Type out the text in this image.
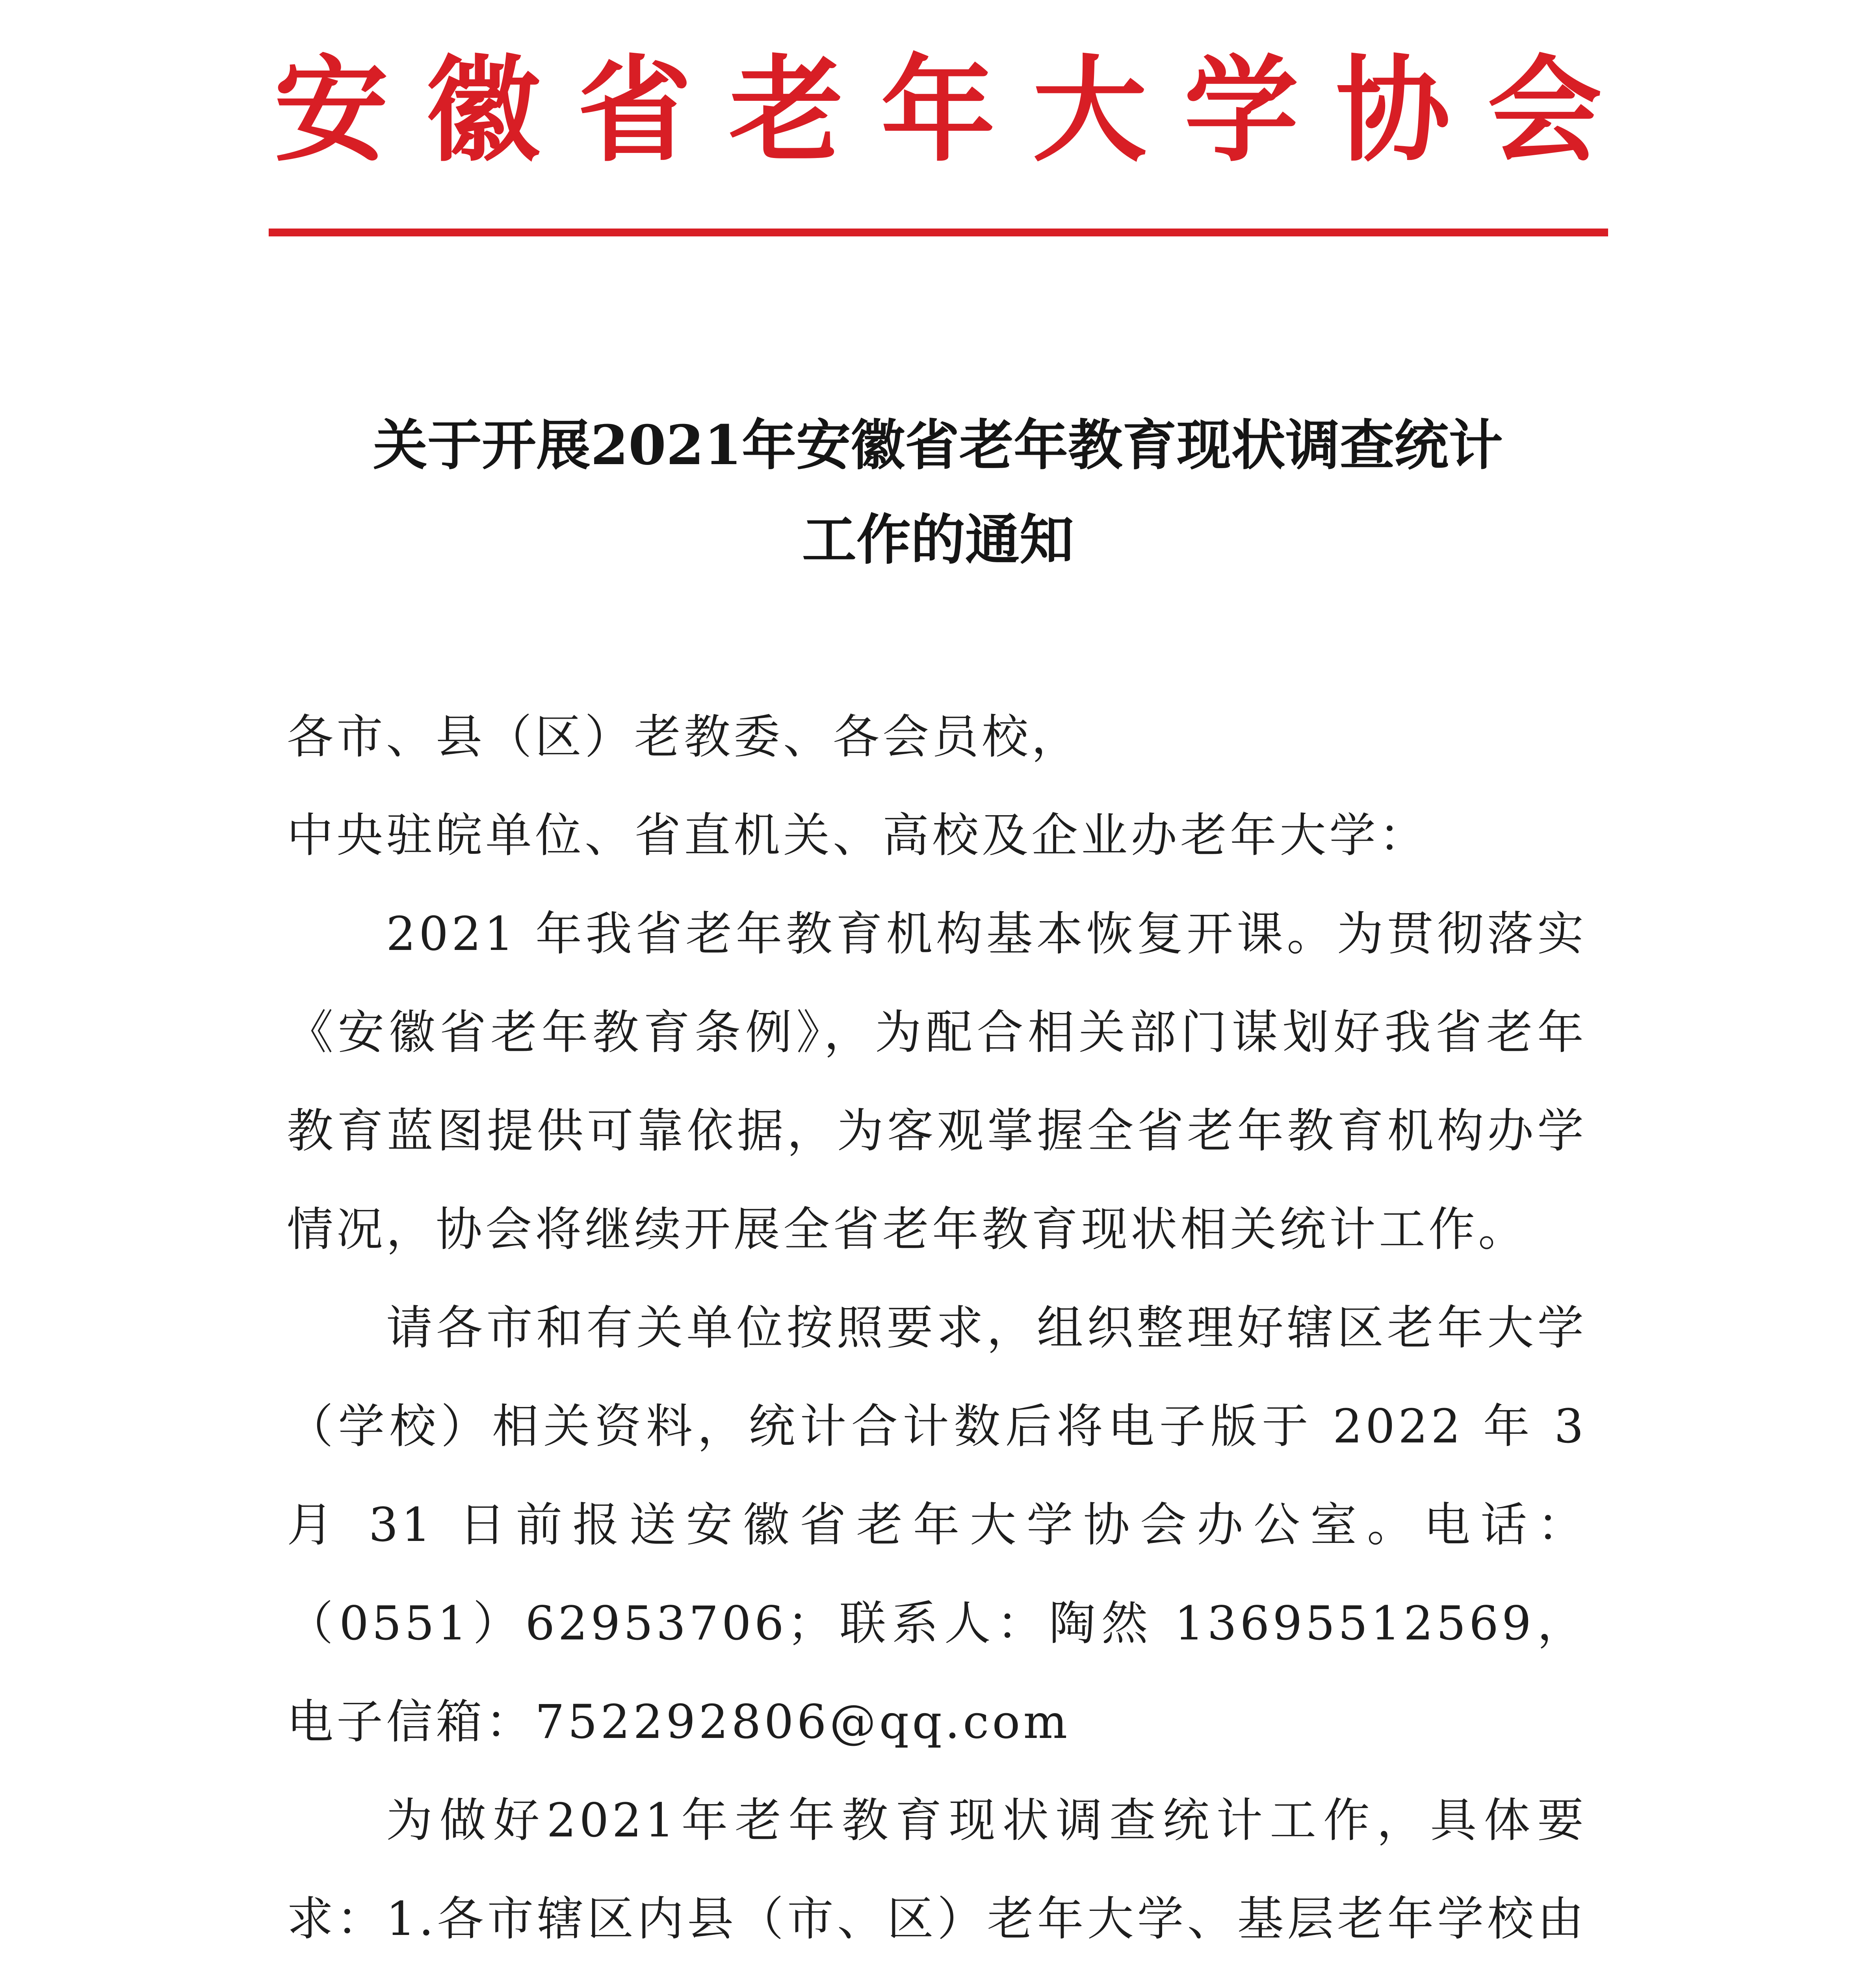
安徽省老年大学协会
关于开展2021年安徽省老年教育现状调查统计
工作的通知

各市、县（区）老教委、各会员校，

中央驻皖单位、省直机关、高校及企业办老年大学：

2021 年我省老年教育机构基本恢复开课。为贯彻落实《安徽省老年教育条例》，为配合相关部门谋划好我省老年教育蓝图提供可靠依据，为客观掌握全省老年教育机构办学情况，协会将继续开展全省老年教育现状相关统计工作。

请各市和有关单位按照要求，组织整理好辖区老年大学（学校）相关资料，统计合计数后将电子版于 2022 年 3 月 31 日前报送安徽省老年大学协会办公室。电话：（0551）62953706；联系人：陶然 13695512569，电子信箱：752292806@qq.com

为做好2021年老年教育现状调查统计工作，具体要求： 1.各市辖区内县（市、区）老年大学、基层老年学校由
